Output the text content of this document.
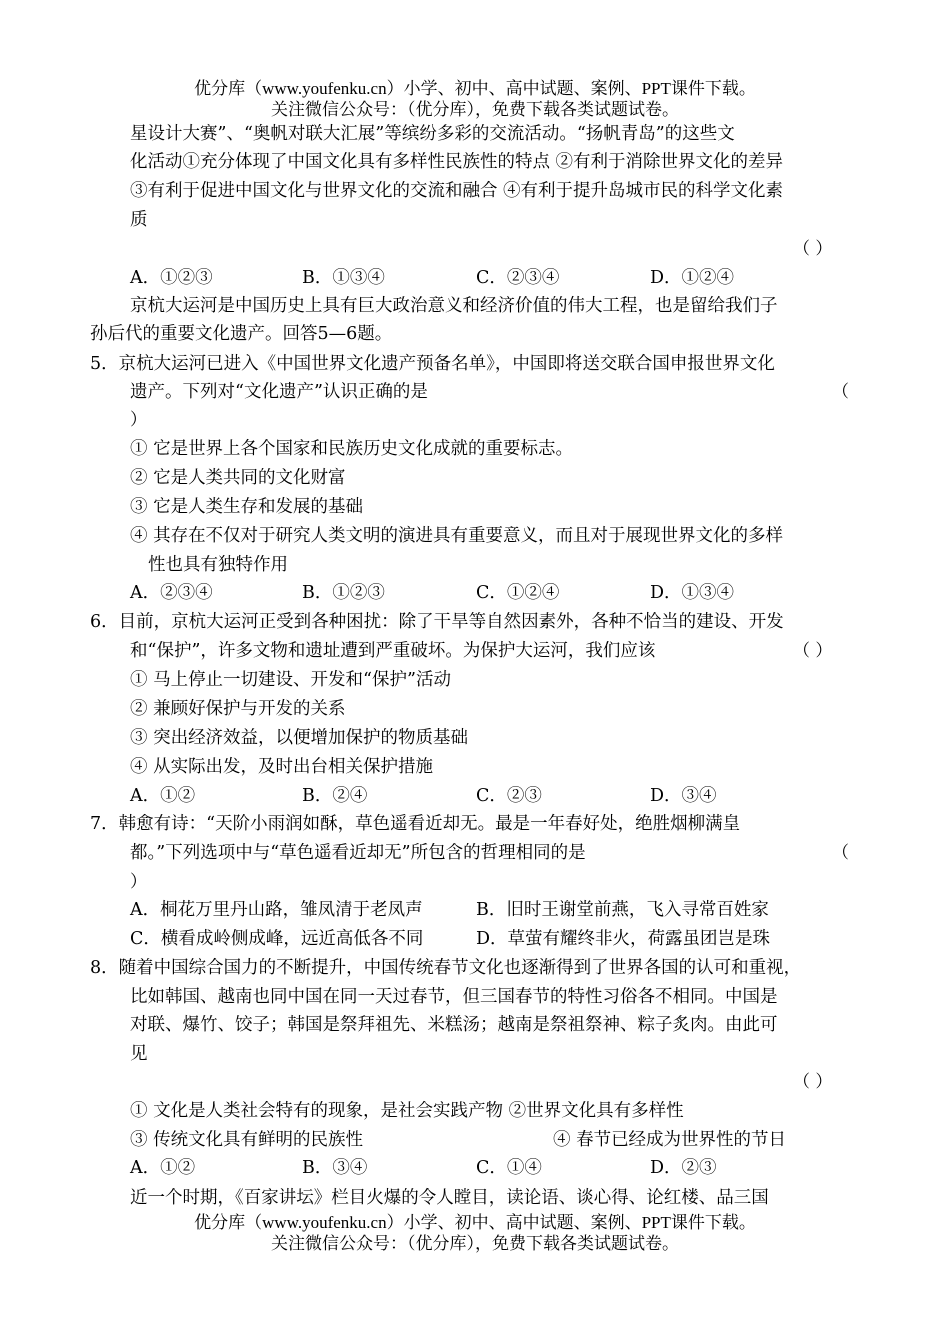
优分库（www.youfenku.cn）小学、初中、高中试题、案例、PPT课件下载。
关注微信公众号：（优分库），免费下载各类试题试卷。
星设计大赛”、“奥帆对联大汇展”等缤纷多彩的交流活动。“扬帆青岛”的这些文
化活动①充分体现了中国文化具有多样性民族性的特点 ②有利于消除世界文化的差异
③有利于促进中国文化与世界文化的交流和融合 ④有利于提升岛城市民的科学文化素
质
（ ）
A．①②③	B．①③④	C．②③④	D．①②④
京杭大运河是中国历史上具有巨大政治意义和经济价值的伟大工程，也是留给我们子
孙后代的重要文化遗产。回答5—6题。
5．京杭大运河已进入《中国世界文化遗产预备名单》，中国即将送交联合国申报世界文化
遗产。下列对“文化遗产”认识正确的是	（
）
① 它是世界上各个国家和民族历史文化成就的重要标志。
② 它是人类共同的文化财富
③ 它是人类生存和发展的基础
④ 其存在不仅对于研究人类文明的演进具有重要意义，而且对于展现世界文化的多样
性也具有独特作用
A．②③④	B．①②③	C．①②④	D．①③④
6．目前，京杭大运河正受到各种困扰：除了干旱等自然因素外，各种不恰当的建设、开发
和“保护”，许多文物和遗址遭到严重破坏。为保护大运河，我们应该	（ ）
① 马上停止一切建设、开发和“保护”活动
② 兼顾好保护与开发的关系
③ 突出经济效益，以便增加保护的物质基础
④ 从实际出发，及时出台相关保护措施
A．①②	B．②④	C．②③	D．③④
7．韩愈有诗：“天阶小雨润如酥，草色遥看近却无。最是一年春好处，绝胜烟柳满皇
都。”下列选项中与“草色遥看近却无”所包含的哲理相同的是	（
）
A．桐花万里丹山路，雏凤清于老凤声	B．旧时王谢堂前燕，飞入寻常百姓家
C．横看成岭侧成峰，远近高低各不同	D．草萤有耀终非火，荷露虽团岂是珠
8．随着中国综合国力的不断提升，中国传统春节文化也逐渐得到了世界各国的认可和重视，
比如韩国、越南也同中国在同一天过春节，但三国春节的特性习俗各不相同。中国是
对联、爆竹、饺子；韩国是祭拜祖先、米糕汤；越南是祭祖祭神、粽子炙肉。由此可
见
（ ）
① 文化是人类社会特有的现象，是社会实践产物 ②世界文化具有多样性
③ 传统文化具有鲜明的民族性	④ 春节已经成为世界性的节日
A．①②	B．③④	C．①④	D．②③
近一个时期，《百家讲坛》栏目火爆的令人瞠目，读论语、谈心得、论红楼、品三国
优分库（www.youfenku.cn）小学、初中、高中试题、案例、PPT课件下载。
关注微信公众号：（优分库），免费下载各类试题试卷。
